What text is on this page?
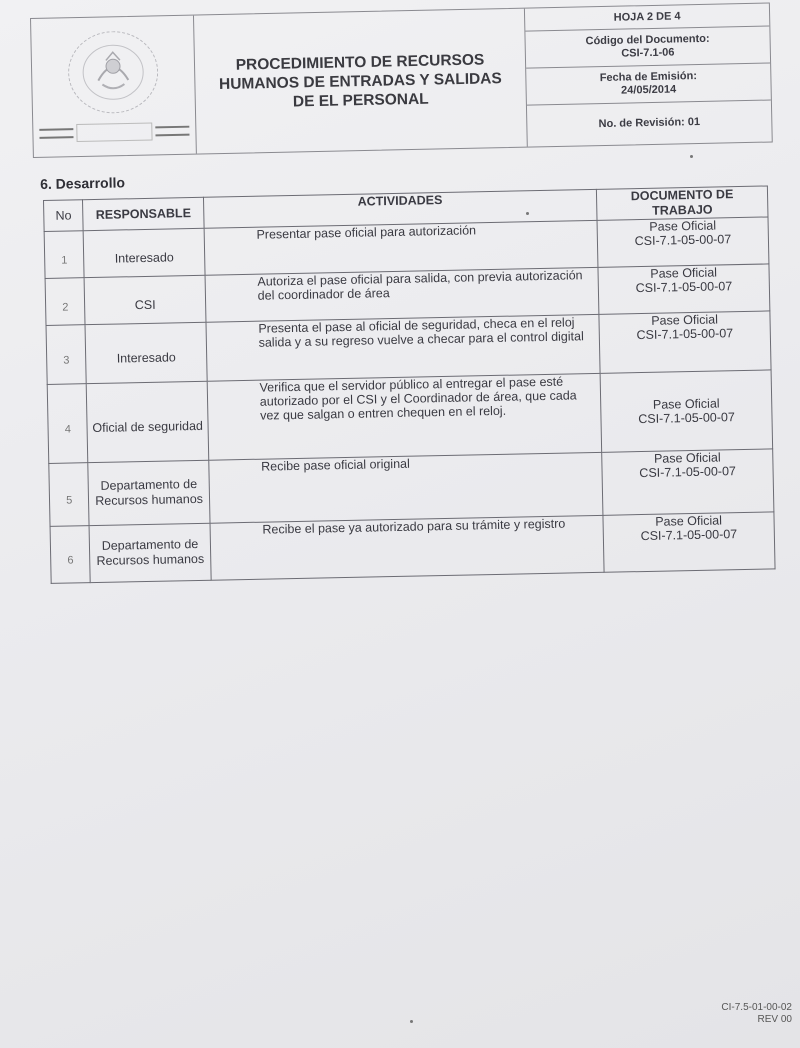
PROCEDIMIENTO DE RECURSOS
HUMANOS DE ENTRADAS Y SALIDAS
DE EL PERSONAL
HOJA 2 DE 4
Código del Documento:
CSI-7.1-06
Fecha de Emisión:
24/05/2014
No. de Revisión: 01
6. Desarrollo
No	RESPONSABLE	ACTIVIDADES	DOCUMENTO DE
TRABAJO

1	Interesado	Presentar pase oficial para autorización	Pase Oficial
CSI-7.1-05-00-07

2	CSI	Autoriza el pase oficial para salida, con previa autorización del coordinador de área	Pase Oficial
CSI-7.1-05-00-07

3	Interesado	Presenta el pase al oficial de seguridad, checa en el reloj salida y a su regreso vuelve a checar para el control digital	Pase Oficial
CSI-7.1-05-00-07

4	Oficial de seguridad	Verifica que el servidor público al entregar el pase esté autorizado por el CSI y el Coordinador de área, que cada vez que salgan o entren chequen en el reloj.	Pase Oficial
CSI-7.1-05-00-07

5	Departamento de Recursos humanos	Recibe pase oficial original	Pase Oficial
CSI-7.1-05-00-07

6	Departamento de Recursos humanos	Recibe el pase ya autorizado para su trámite y registro	Pase Oficial
CSI-7.1-05-00-07
CI-7.5-01-00-02
REV 00
